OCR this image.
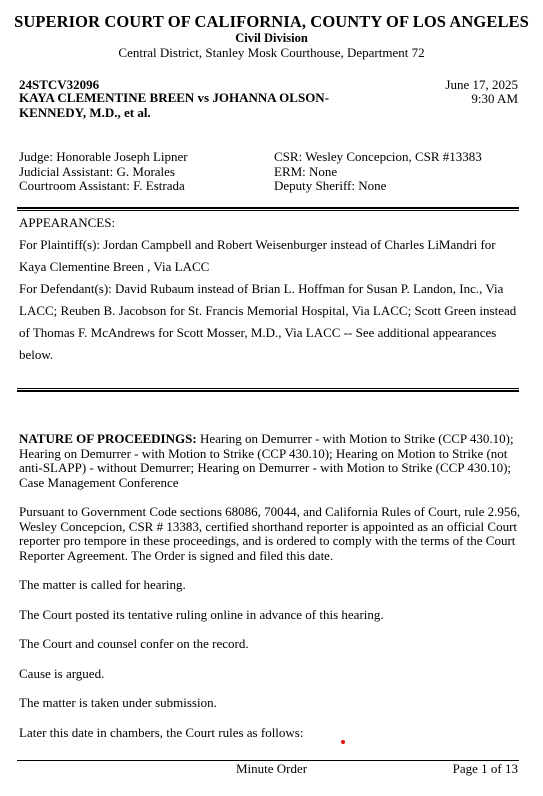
SUPERIOR COURT OF CALIFORNIA, COUNTY OF LOS ANGELES
Civil Division
Central District, Stanley Mosk Courthouse, Department 72
24STCV32096
KAYA CLEMENTINE BREEN vs JOHANNA OLSON-KENNEDY, M.D., et al.
June 17, 2025
9:30 AM
Judge: Honorable Joseph Lipner
Judicial Assistant: G. Morales
Courtroom Assistant: F. Estrada
CSR: Wesley Concepcion, CSR #13383
ERM: None
Deputy Sheriff: None

APPEARANCES:

For Plaintiff(s): Jordan Campbell and Robert Weisenburger instead of Charles LiMandri for Kaya Clementine Breen , Via LACC

For Defendant(s): David Rubaum instead of Brian L. Hoffman for Susan P. Landon, Inc., Via LACC; Reuben B. Jacobson for St. Francis Memorial Hospital, Via LACC; Scott Green instead of Thomas F. McAndrews for Scott Mosser, M.D., Via LACC -- See additional appearances below.

NATURE OF PROCEEDINGS: Hearing on Demurrer - with Motion to Strike (CCP 430.10); Hearing on Demurrer - with Motion to Strike (CCP 430.10); Hearing on Motion to Strike (not anti-SLAPP) - without Demurrer; Hearing on Demurrer - with Motion to Strike (CCP 430.10); Case Management Conference

Pursuant to Government Code sections 68086, 70044, and California Rules of Court, rule 2.956, Wesley Concepcion, CSR # 13383, certified shorthand reporter is appointed as an official Court reporter pro tempore in these proceedings, and is ordered to comply with the terms of the Court Reporter Agreement. The Order is signed and filed this date.

The matter is called for hearing.

The Court posted its tentative ruling online in advance of this hearing.

The Court and counsel confer on the record.

Cause is argued.

The matter is taken under submission.

Later this date in chambers, the Court rules as follows:

Minute Order	Page 1 of 13
